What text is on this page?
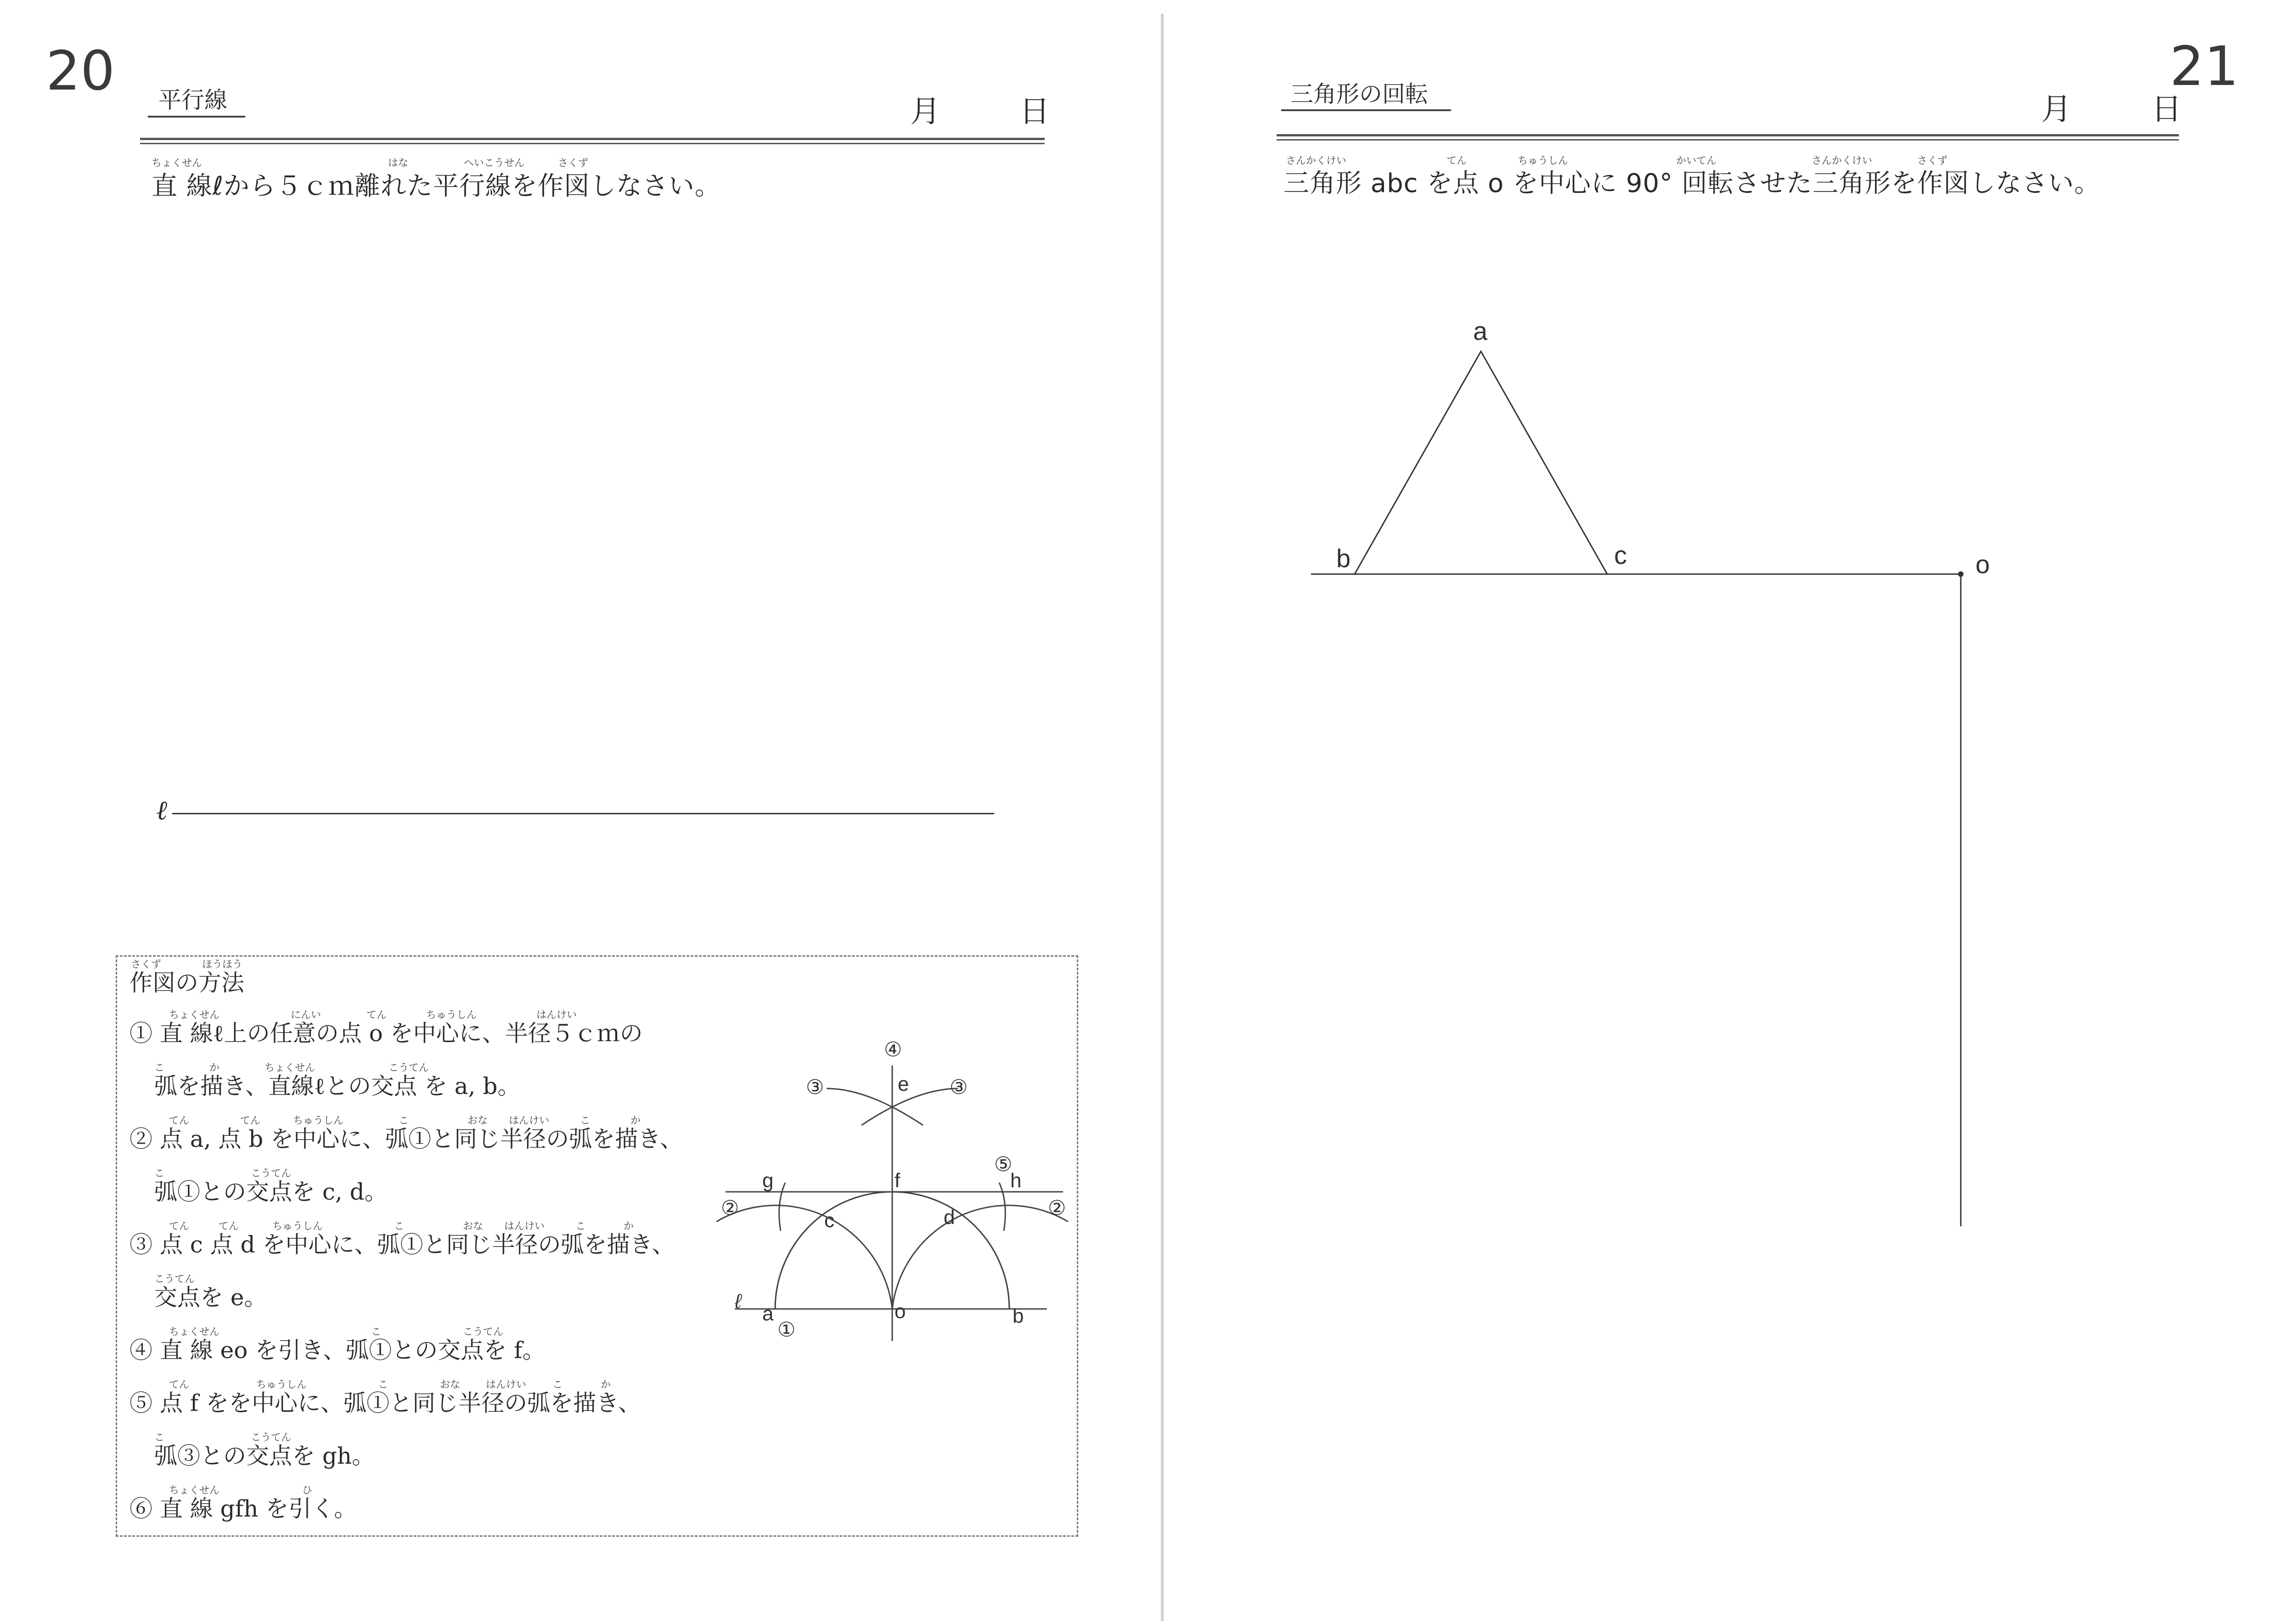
20 平行線	月	日
ちょくせん	はな	へいこうせん	さくず
直 線ℓから５ｃｍ離れた平行線を作図しなさい。
ℓ
さくず	ほうほう
作図の方法
① 直 線ℓ上の任意の点 o を中心に、半径５ｃｍの
ちょくせん	にんい	てん	ちゅうしん	はんけい
弧を描き、直線ℓとの交点 を a, b。
こ	か	ちょくせん	こうてん
② 点 a, 点 b を中心に、弧①と同じ半径の弧を描き、
てん	てん	ちゅうしん	こ	おな はんけい	こ	か
弧①との交点を c, d。
こ	こうてん
③ 点 c 点 d を中心に、弧①と同じ半径の弧を描き、
てん	てん	ちゅうしん	こ	おな はんけい	こ	か
交点を e。
こうてん
④ 直 線 eo を引き、弧①との交点を f。
ちょくせん	こ	こうてん
⑤ 点 f をを中心に、弧①と同じ半径の弧を描き、
てん	ちゅうしん	こ	おな	はんけい	こ	か
弧③との交点を gh。
こ	こうてん
⑥ 直 線 gfh を引く。
ちょくせん	ひ
④
e
③	③
⑤
g	f	h
②	②
c	d
ℓ
a	o	b
①
21
三角形の回転	月	日
さんかくけい	てん	ちゅうしん	かいてん	さんかくけい	さくず
三角形 abc を点 o を中心に 90° 回転させた三角形を作図しなさい。
a
b	c	o
